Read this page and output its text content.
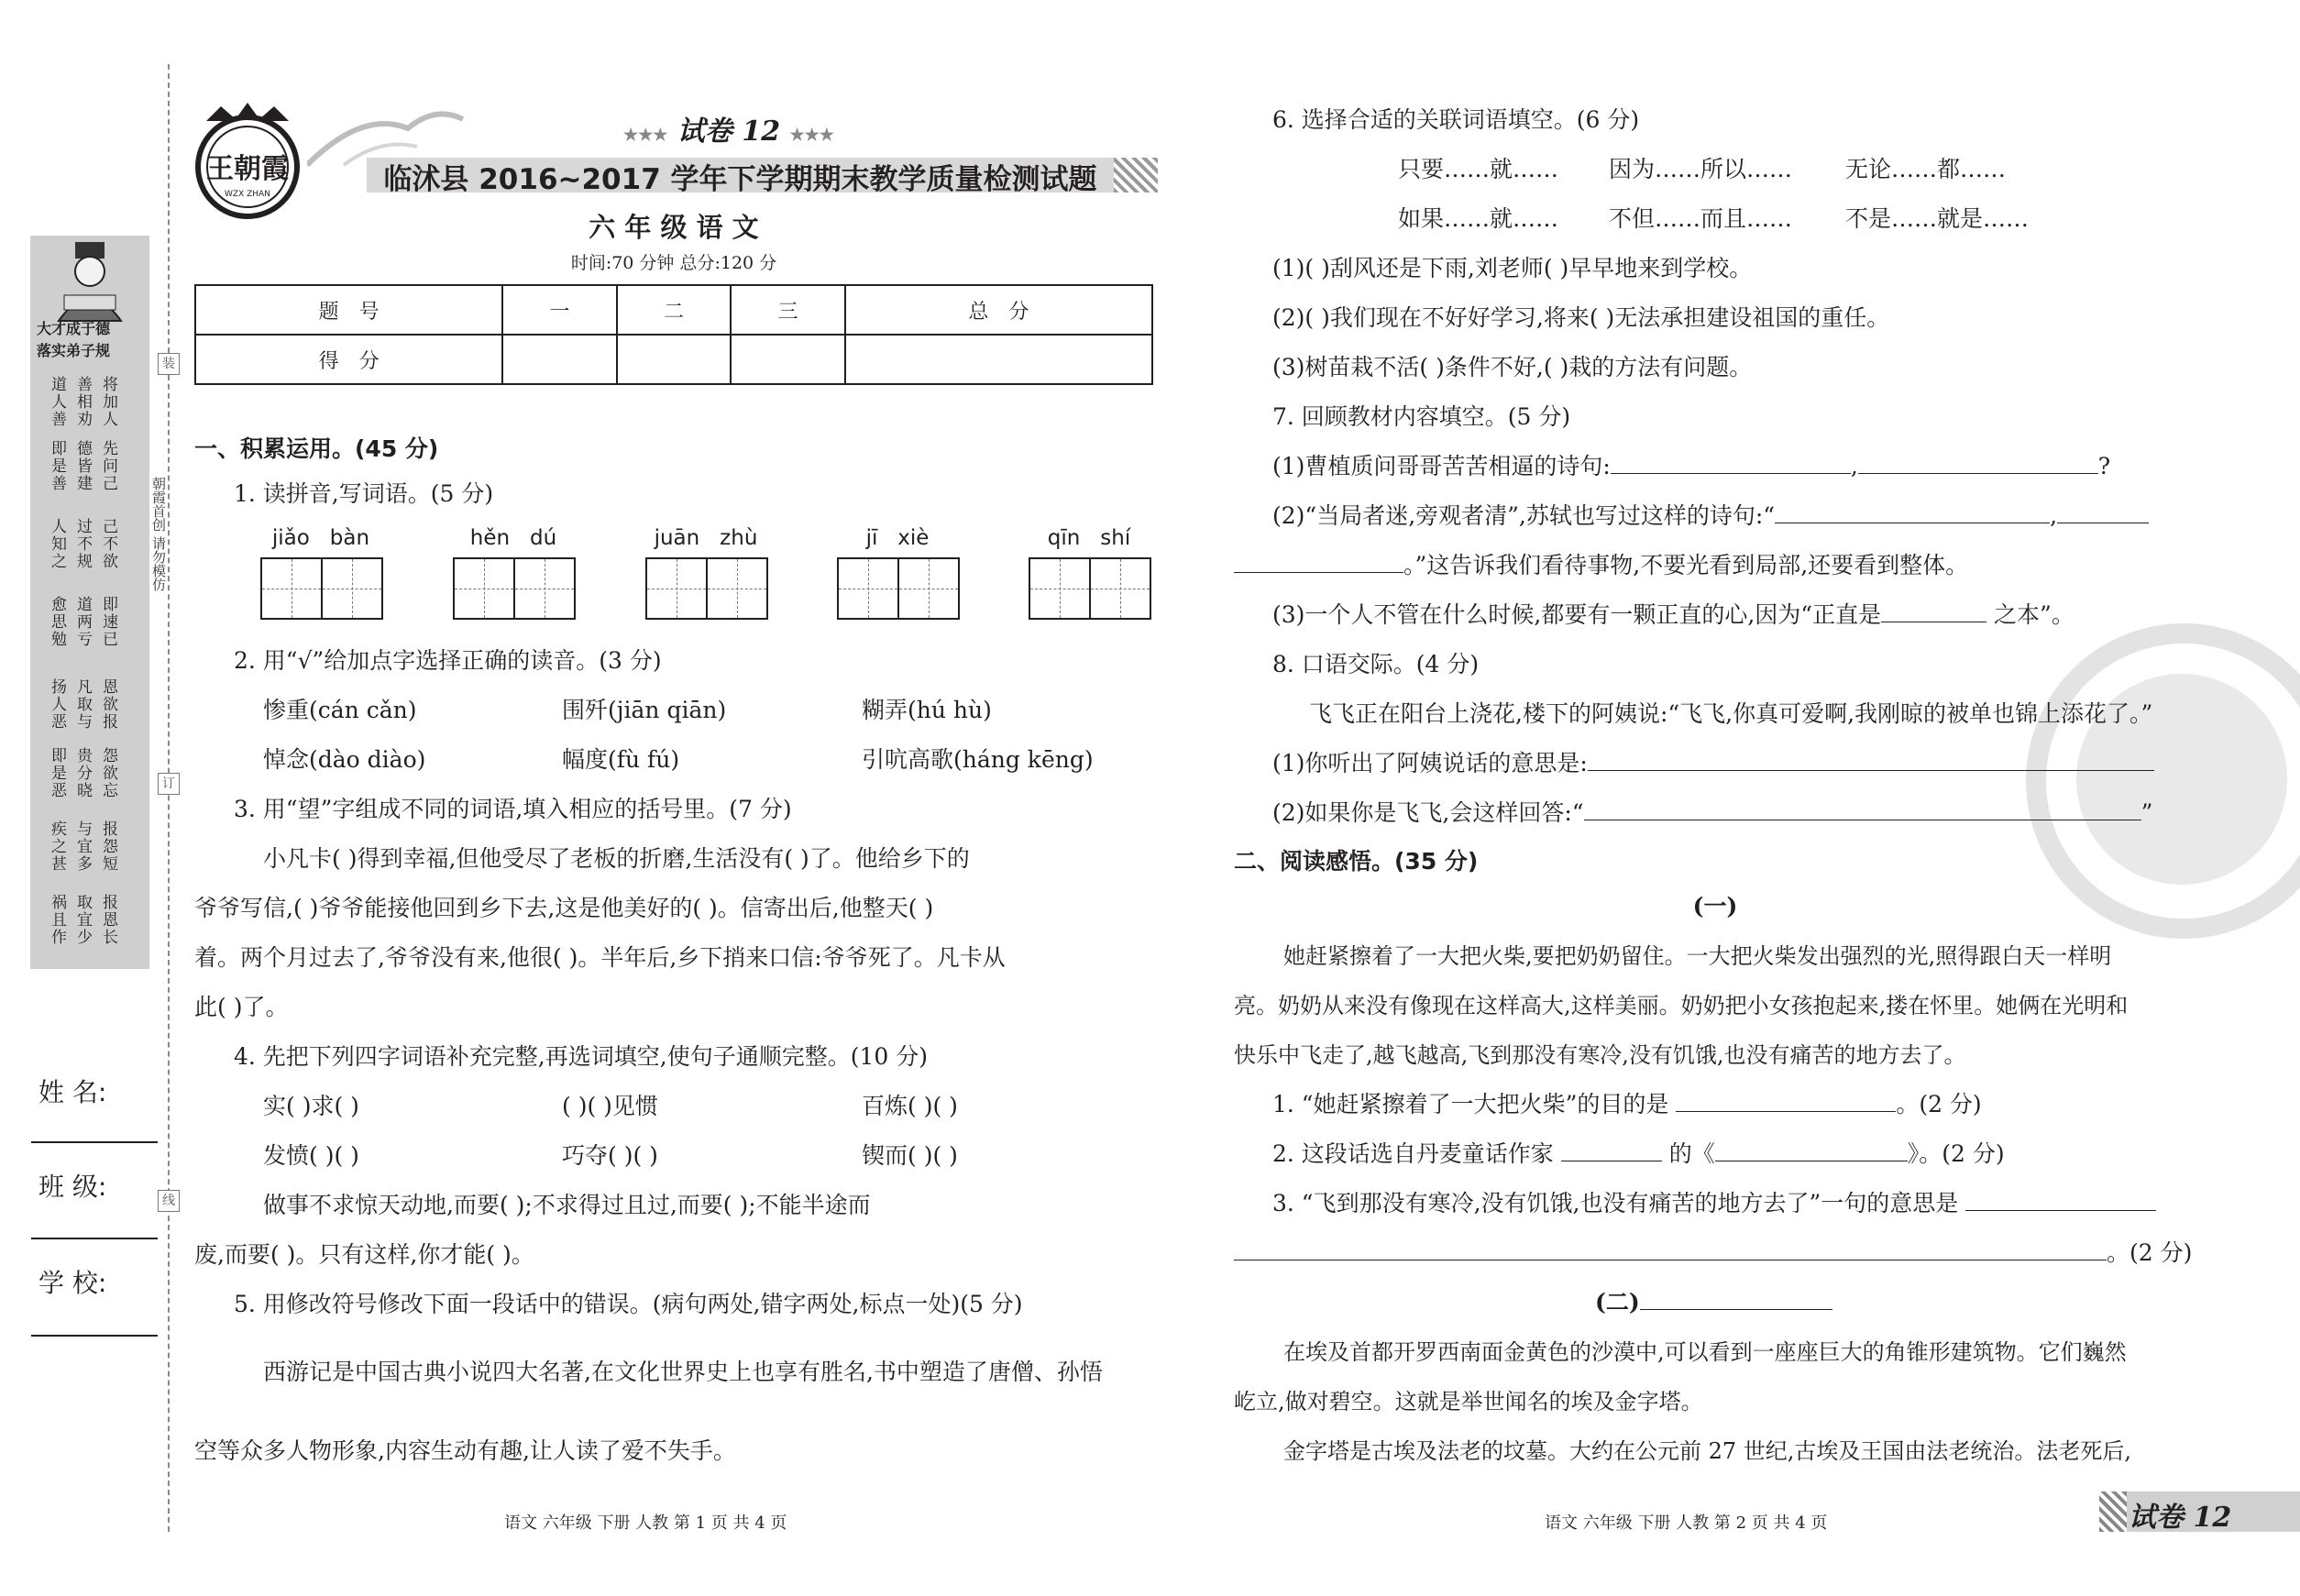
装
订
线
大才成于德
落实弟子规
将加人
善相劝
道人善
先问己
德皆建
即是善
己不欲
过不规
人知之
即速已
道两亏
愈思勉
恩欲报
凡取与
扬人恶
怨欲忘
贵分晓
即是恶
报怨短
与宜多
疾之甚
报恩长
取宜少
祸且作
朝霞首创 请勿模仿
姓 名:
班 级:
学 校:
王朝霞
WZX ZHAN
★★★ 试卷 12 ★★★
临沭县 2016~2017 学年下学期期末教学质量检测试题
六 年 级 语 文
时间:70 分钟 总分:120 分
题　号	一	二	三	总　分
得　分				
一、积累运用。(45 分)
1. 读拼音,写词语。(5 分)
jiǎo bàn	hěn dú	juān zhù	jī xiè	qīn shí
2. 用“√”给加点字选择正确的读音。(3 分)
惨重(cán cǎn)	围歼(jiān qiān)	糊弄(hú hù)
悼念(dào diào)	幅度(fù fú)	引吭高歌(háng kēng)
3. 用“望”字组成不同的词语,填入相应的括号里。(7 分)
小凡卡( )得到幸福,但他受尽了老板的折磨,生活没有( )了。他给乡下的
爷爷写信,( )爷爷能接他回到乡下去,这是他美好的( )。信寄出后,他整天( )
着。两个月过去了,爷爷没有来,他很( )。半年后,乡下捎来口信:爷爷死了。凡卡从
此( )了。
4. 先把下列四字词语补充完整,再选词填空,使句子通顺完整。(10 分)
实( )求( )	( )( )见惯	百炼( )( )
发愤( )( )	巧夺( )( )	锲而( )( )
做事不求惊天动地,而要( );不求得过且过,而要( );不能半途而
废,而要( )。只有这样,你才能( )。
5. 用修改符号修改下面一段话中的错误。(病句两处,错字两处,标点一处)(5 分)
西游记是中国古典小说四大名著,在文化世界史上也享有胜名,书中塑造了唐僧、孙悟
空等众多人物形象,内容生动有趣,让人读了爱不失手。
语文 六年级 下册 人教 第 1 页 共 4 页
6. 选择合适的关联词语填空。(6 分)
只要……就…… 因为……所以…… 无论……都……
如果……就…… 不但……而且…… 不是……就是……
(1)( )刮风还是下雨,刘老师( )早早地来到学校。
(2)( )我们现在不好好学习,将来( )无法承担建设祖国的重任。
(3)树苗栽不活( )条件不好,( )栽的方法有问题。
7. 回顾教材内容填空。(5 分)
(1)曹植质问哥哥苦苦相逼的诗句:	,	?
(2)“当局者迷,旁观者清”,苏轼也写过这样的诗句:“	,
。”这告诉我们看待事物,不要光看到局部,还要看到整体。
(3)一个人不管在什么时候,都要有一颗正直的心,因为“正直是	之本”。
8. 口语交际。(4 分)
飞飞正在阳台上浇花,楼下的阿姨说:“飞飞,你真可爱啊,我刚晾的被单也锦上添花了。”
(1)你听出了阿姨说话的意思是:
(2)如果你是飞飞,会这样回答:“	”
二、阅读感悟。(35 分)
(一)
她赶紧擦着了一大把火柴,要把奶奶留住。一大把火柴发出强烈的光,照得跟白天一样明
亮。奶奶从来没有像现在这样高大,这样美丽。奶奶把小女孩抱起来,搂在怀里。她俩在光明和
快乐中飞走了,越飞越高,飞到那没有寒冷,没有饥饿,也没有痛苦的地方去了。
1. “她赶紧擦着了一大把火柴”的目的是	。(2 分)
2. 这段话选自丹麦童话作家	的《	》。(2 分)
3. “飞到那没有寒冷,没有饥饿,也没有痛苦的地方去了”一句的意思是
。(2 分)
(二)
在埃及首都开罗西南面金黄色的沙漠中,可以看到一座座巨大的角锥形建筑物。它们巍然
屹立,做对碧空。这就是举世闻名的埃及金字塔。
金字塔是古埃及法老的坟墓。大约在公元前 27 世纪,古埃及王国由法老统治。法老死后,
语文 六年级 下册 人教 第 2 页 共 4 页	试卷 12
